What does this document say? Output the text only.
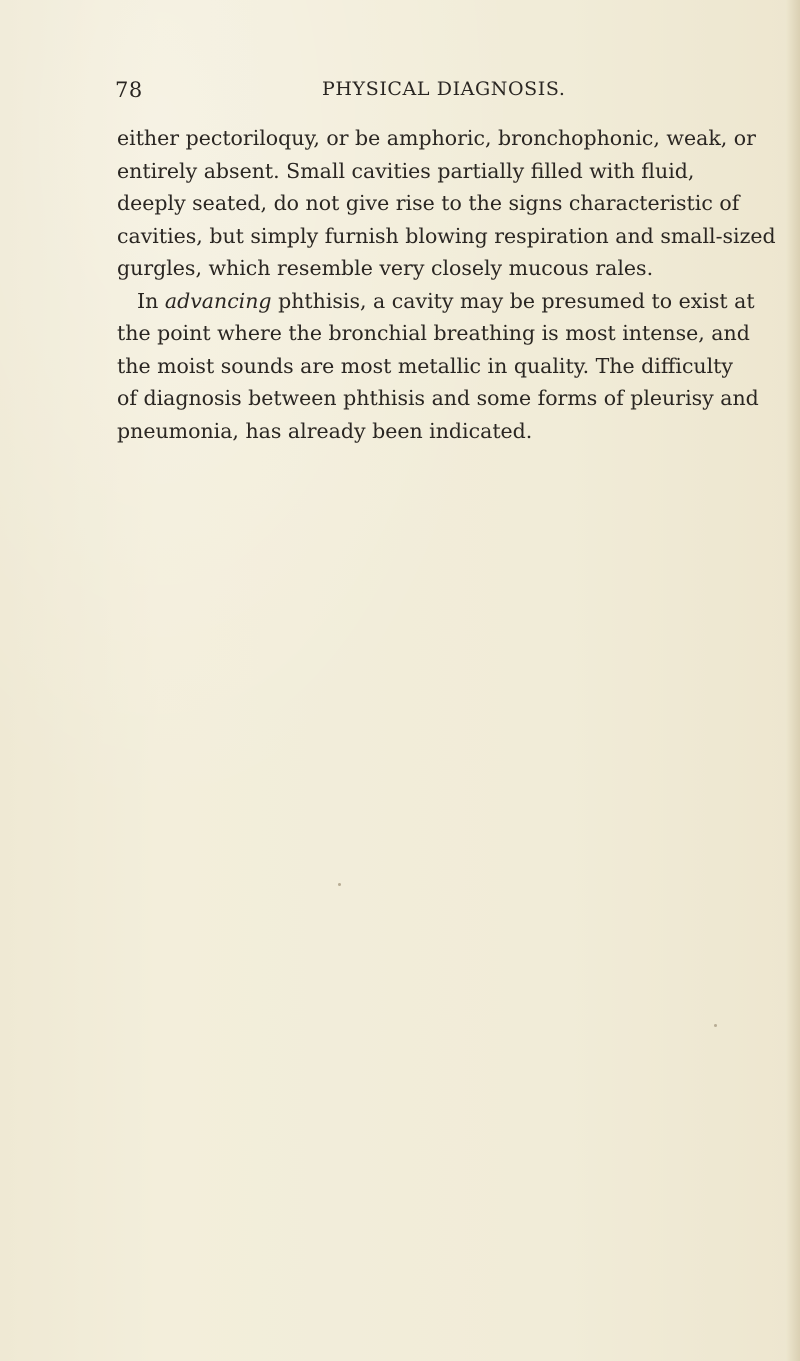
78	PHYSICAL DIAGNOSIS.
either pectoriloquy, or be amphoric, bronchophonic, weak, or
entirely absent. Small cavities partially filled with fluid,
deeply seated, do not give rise to the signs characteristic of
cavities, but simply furnish blowing respiration and small-sized
gurgles, which resemble very closely mucous rales.
In advancing phthisis, a cavity may be presumed to exist at
the point where the bronchial breathing is most intense, and
the moist sounds are most metallic in quality. The difficulty
of diagnosis between phthisis and some forms of pleurisy and
pneumonia, has already been indicated.
